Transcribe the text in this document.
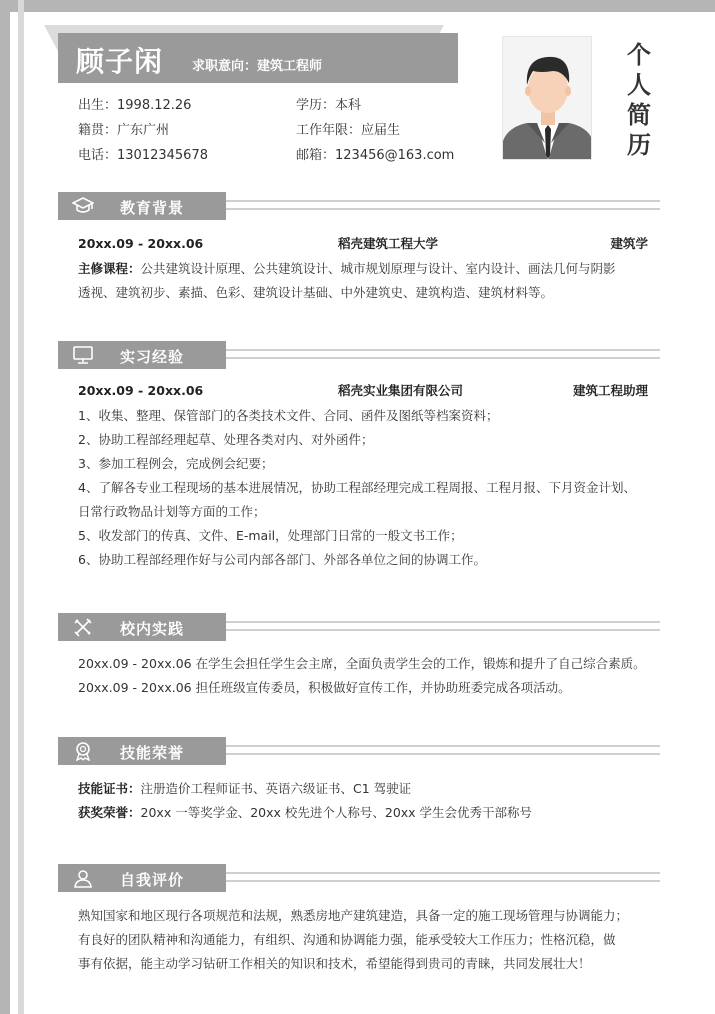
顾子闲 求职意向：建筑工程师
出生：1998.12.26	学历：本科
籍贯：广东广州	工作年限：应届生
电话：13012345678	邮箱：123456@163.com
个
人
简
历
教育背景
20xx.09 - 20xx.06	稻壳建筑工程大学	建筑学
主修课程：公共建筑设计原理、公共建筑设计、城市规划原理与设计、室内设计、画法几何与阴影
透视、建筑初步、素描、色彩、建筑设计基础、中外建筑史、建筑构造、建筑材料等。
实习经验
20xx.09 - 20xx.06	稻壳实业集团有限公司	建筑工程助理
1、收集、整理、保管部门的各类技术文件、合同、函件及图纸等档案资料；
2、协助工程部经理起草、处理各类对内、对外函件；
3、参加工程例会，完成例会纪要；
4、了解各专业工程现场的基本进展情况，协助工程部经理完成工程周报、工程月报、下月资金计划、
日常行政物品计划等方面的工作；
5、收发部门的传真、文件、E-mail，处理部门日常的一般文书工作；
6、协助工程部经理作好与公司内部各部门、外部各单位之间的协调工作。
校内实践
20xx.09 - 20xx.06 在学生会担任学生会主席，全面负责学生会的工作，锻炼和提升了自己综合素质。
20xx.09 - 20xx.06 担任班级宣传委员，积极做好宣传工作，并协助班委完成各项活动。
技能荣誉
技能证书：注册造价工程师证书、英语六级证书、C1 驾驶证
获奖荣誉：20xx 一等奖学金、20xx 校先进个人称号、20xx 学生会优秀干部称号
自我评价
熟知国家和地区现行各项规范和法规，熟悉房地产建筑建造，具备一定的施工现场管理与协调能力；
有良好的团队精神和沟通能力，有组织、沟通和协调能力强，能承受较大工作压力；性格沉稳，做
事有依据，能主动学习钻研工作相关的知识和技术，希望能得到贵司的青睐，共同发展壮大！
